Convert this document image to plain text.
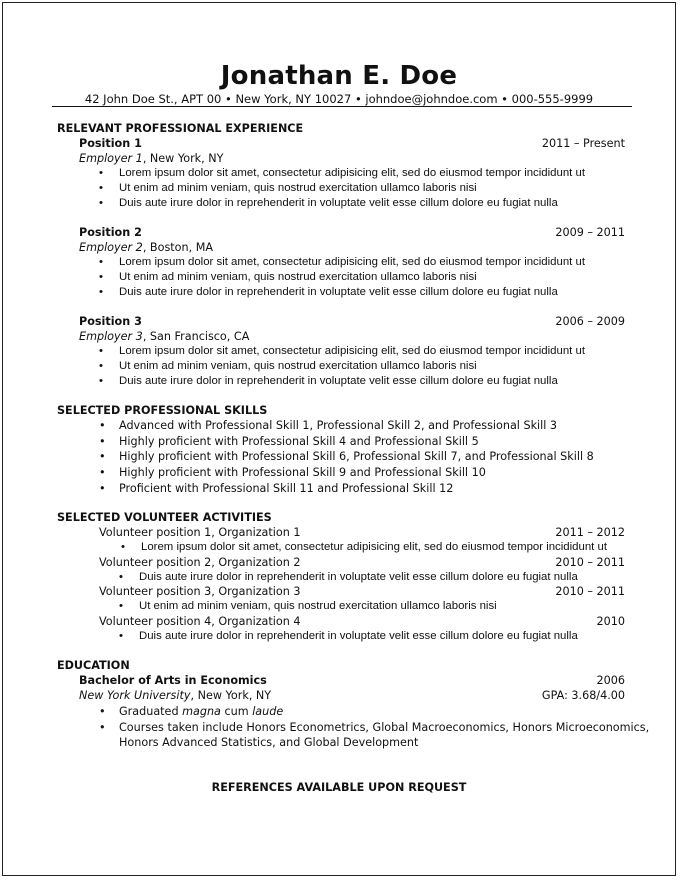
Jonathan E. Doe
42 John Doe St., APT 00 • New York, NY 10027 • johndoe@johndoe.com • 000-555-9999
RELEVANT PROFESSIONAL EXPERIENCE
Position 1	2011 – Present
Employer 1, New York, NY
• Lorem ipsum dolor sit amet, consectetur adipisicing elit, sed do eiusmod tempor incididunt ut
• Ut enim ad minim veniam, quis nostrud exercitation ullamco laboris nisi
• Duis aute irure dolor in reprehenderit in voluptate velit esse cillum dolore eu fugiat nulla
Position 2	2009 – 2011
Employer 2, Boston, MA
• Lorem ipsum dolor sit amet, consectetur adipisicing elit, sed do eiusmod tempor incididunt ut
• Ut enim ad minim veniam, quis nostrud exercitation ullamco laboris nisi
• Duis aute irure dolor in reprehenderit in voluptate velit esse cillum dolore eu fugiat nulla
Position 3	2006 – 2009
Employer 3, San Francisco, CA
• Lorem ipsum dolor sit amet, consectetur adipisicing elit, sed do eiusmod tempor incididunt ut
• Ut enim ad minim veniam, quis nostrud exercitation ullamco laboris nisi
• Duis aute irure dolor in reprehenderit in voluptate velit esse cillum dolore eu fugiat nulla
SELECTED PROFESSIONAL SKILLS
• Advanced with Professional Skill 1, Professional Skill 2, and Professional Skill 3
• Highly proficient with Professional Skill 4 and Professional Skill 5
• Highly proficient with Professional Skill 6, Professional Skill 7, and Professional Skill 8
• Highly proficient with Professional Skill 9 and Professional Skill 10
• Proficient with Professional Skill 11 and Professional Skill 12
SELECTED VOLUNTEER ACTIVITIES
Volunteer position 1, Organization 1	2011 – 2012
• Lorem ipsum dolor sit amet, consectetur adipisicing elit, sed do eiusmod tempor incididunt ut
Volunteer position 2, Organization 2	2010 – 2011
• Duis aute irure dolor in reprehenderit in voluptate velit esse cillum dolore eu fugiat nulla
Volunteer position 3, Organization 3	2010 – 2011
• Ut enim ad minim veniam, quis nostrud exercitation ullamco laboris nisi
Volunteer position 4, Organization 4	2010
• Duis aute irure dolor in reprehenderit in voluptate velit esse cillum dolore eu fugiat nulla
EDUCATION
Bachelor of Arts in Economics	2006
New York University, New York, NY	GPA: 3.68/4.00
• Graduated magna cum laude
• Courses taken include Honors Econometrics, Global Macroeconomics, Honors Microeconomics,
Honors Advanced Statistics, and Global Development
REFERENCES AVAILABLE UPON REQUEST
